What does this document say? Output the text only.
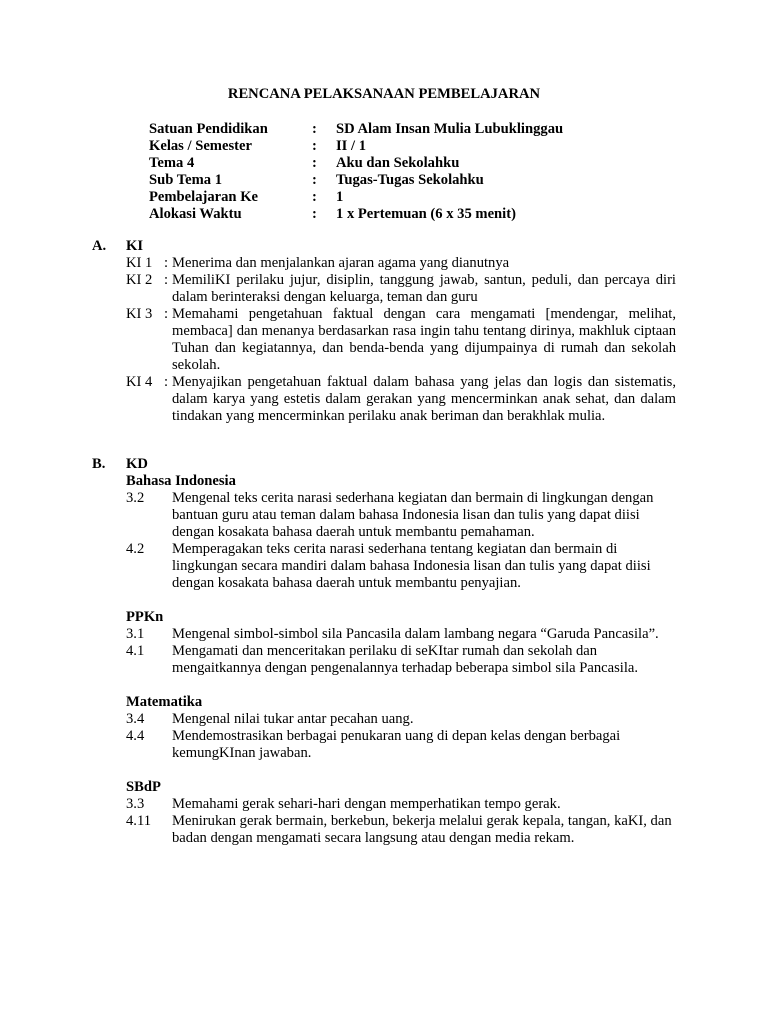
RENCANA PELAKSANAAN PEMBELAJARAN
Satuan Pendidikan	:	SD Alam Insan Mulia Lubuklinggau
Kelas / Semester	:	II / 1
Tema 4	:	Aku dan Sekolahku
Sub Tema 1	:	Tugas-Tugas Sekolahku
Pembelajaran Ke	:	1
Alokasi Waktu	:	1 x Pertemuan (6 x 35 menit)
A.	KI
KI 1 : Menerima dan menjalankan ajaran agama yang dianutnya
KI 2 : MemiliKI perilaku jujur, disiplin, tanggung jawab, santun, peduli, dan percaya diri dalam berinteraksi dengan keluarga, teman dan guru
KI 3 : Memahami pengetahuan faktual dengan cara mengamati [mendengar, melihat, membaca] dan menanya berdasarkan rasa ingin tahu tentang dirinya, makhluk ciptaan Tuhan dan kegiatannya, dan benda-benda yang dijumpainya di rumah dan sekolah sekolah.
KI 4 : Menyajikan pengetahuan faktual dalam bahasa yang jelas dan logis dan sistematis, dalam karya yang estetis dalam gerakan yang mencerminkan anak sehat, dan dalam tindakan yang mencerminkan perilaku anak beriman dan berakhlak mulia.
B.	KD
Bahasa Indonesia
3.2	Mengenal teks cerita narasi sederhana kegiatan dan bermain di lingkungan dengan bantuan guru atau teman dalam bahasa Indonesia lisan dan tulis yang dapat diisi dengan kosakata bahasa daerah untuk membantu pemahaman.
4.2	Memperagakan teks cerita narasi sederhana tentang kegiatan dan bermain di lingkungan secara mandiri dalam bahasa Indonesia lisan dan tulis yang dapat diisi dengan kosakata bahasa daerah untuk membantu penyajian.
PPKn
3.1	Mengenal simbol-simbol sila Pancasila dalam lambang negara “Garuda Pancasila”.
4.1	Mengamati dan menceritakan perilaku di seKItar rumah dan sekolah dan mengaitkannya dengan pengenalannya terhadap beberapa simbol sila Pancasila.
Matematika
3.4	Mengenal nilai tukar antar pecahan uang.
4.4	Mendemostrasikan berbagai penukaran uang di depan kelas dengan berbagai kemungKInan jawaban.
SBdP
3.3	Memahami gerak sehari-hari dengan memperhatikan tempo gerak.
4.11	Menirukan gerak bermain, berkebun, bekerja melalui gerak kepala, tangan, kaKI, dan badan dengan mengamati secara langsung atau dengan media rekam.
